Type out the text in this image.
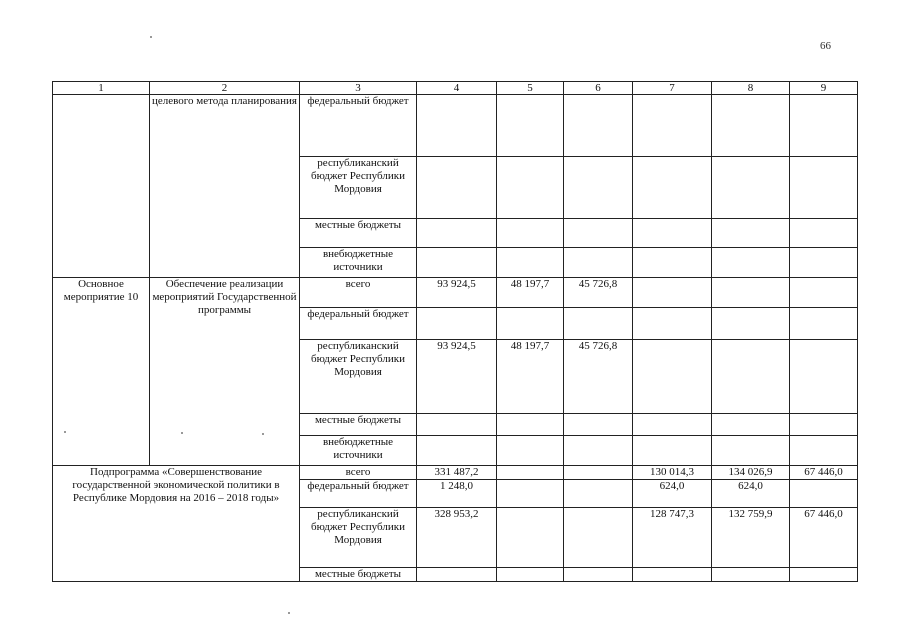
66
1	2	3	4	5	6	7	8	9
	целевого метода планирования	федеральный бюджет						
		республиканский бюджет Республики Мордовия						
		местные бюджеты						
		внебюджетные источники						
Основное мероприятие 10	Обеспечение реализации мероприятий Государственной программы	всего	93 924,5	48 197,7	45 726,8			
		федеральный бюджет						
		республиканский бюджет Республики Мордовия	93 924,5	48 197,7	45 726,8			
		местные бюджеты						
		внебюджетные источники						
Подпрограмма «Совершенствование государственной экономической политики в Республике Мордовия на 2016 – 2018 годы»		всего	331 487,2			130 014,3	134 026,9	67 446,0
		федеральный бюджет	1 248,0			624,0	624,0	
		республиканский бюджет Республики Мордовия	328 953,2			128 747,3	132 759,9	67 446,0
		местные бюджеты						
